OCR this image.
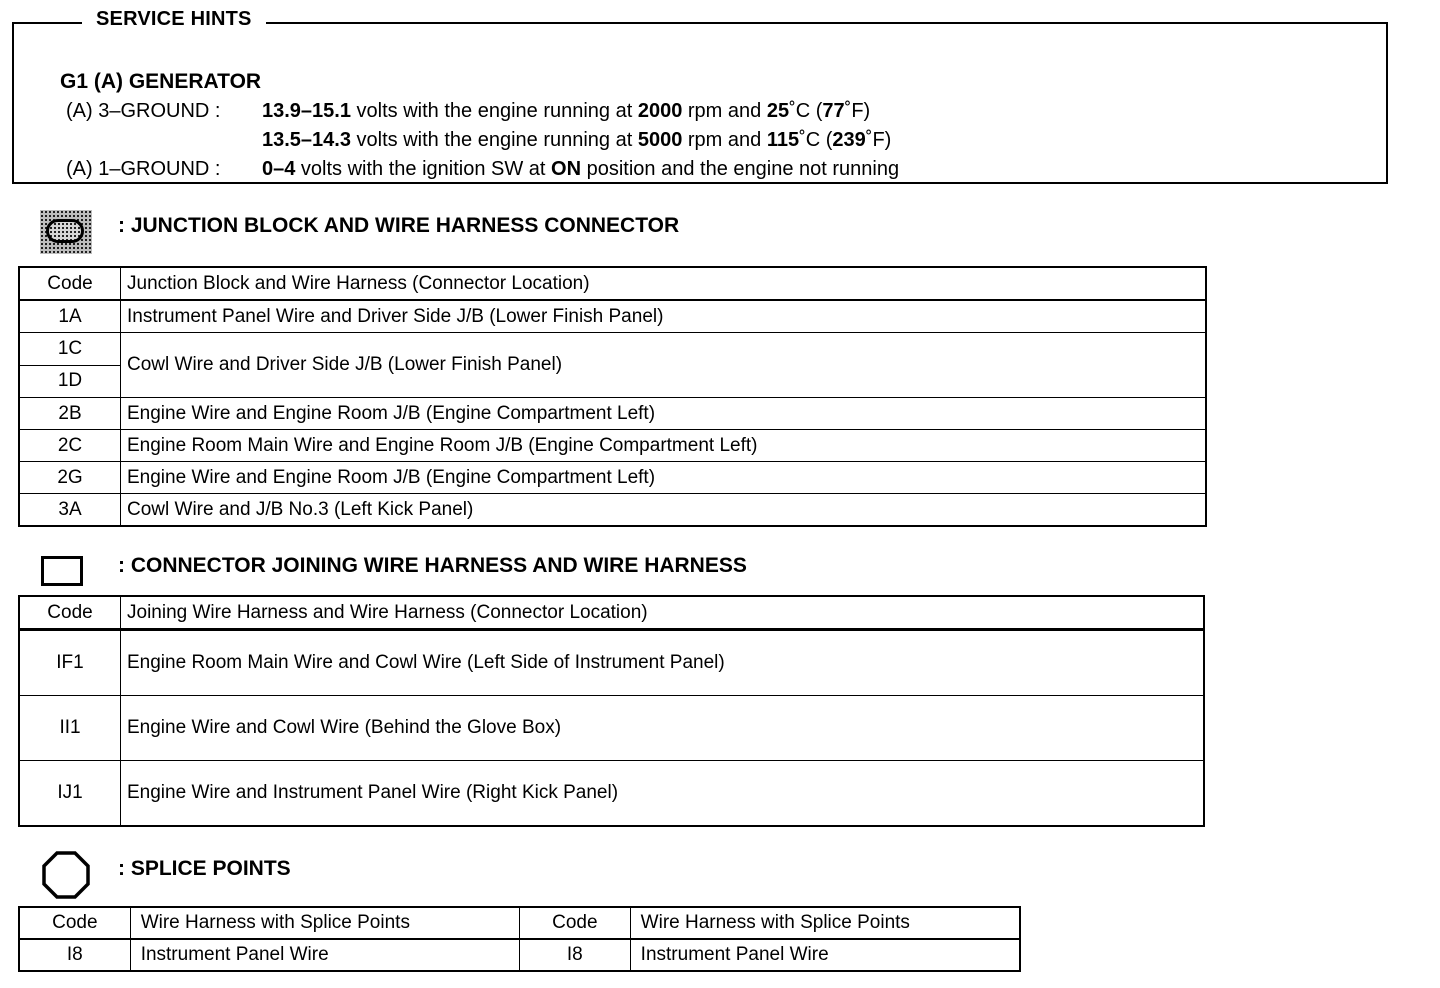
G1 (A) GENERATOR
(A) 3–GROUND : 13.9–15.1 volts with the engine running at 2000 rpm and 25˚C (77˚F)
13.5–14.3 volts with the engine running at 5000 rpm and 115˚C (239˚F)
(A) 1–GROUND : 0–4 volts with the ignition SW at ON position and the engine not running
SERVICE HINTS
: JUNCTION BLOCK AND WIRE HARNESS CONNECTOR
Code	Junction Block and Wire Harness (Connector Location)
1A	Instrument Panel Wire and Driver Side J/B (Lower Finish Panel)
1C	Cowl Wire and Driver Side J/B (Lower Finish Panel)
1D	
2B	Engine Wire and Engine Room J/B (Engine Compartment Left)
2C	Engine Room Main Wire and Engine Room J/B (Engine Compartment Left)
2G	Engine Wire and Engine Room J/B (Engine Compartment Left)
3A	Cowl Wire and J/B No.3 (Left Kick Panel)
: CONNECTOR JOINING WIRE HARNESS AND WIRE HARNESS
Code	Joining Wire Harness and Wire Harness (Connector Location)
IF1	Engine Room Main Wire and Cowl Wire (Left Side of Instrument Panel)
II1	Engine Wire and Cowl Wire (Behind the Glove Box)
IJ1	Engine Wire and Instrument Panel Wire (Right Kick Panel)
: SPLICE POINTS
Code	Wire Harness with Splice Points	Code	Wire Harness with Splice Points
I8	Instrument Panel Wire	I8	Instrument Panel Wire
